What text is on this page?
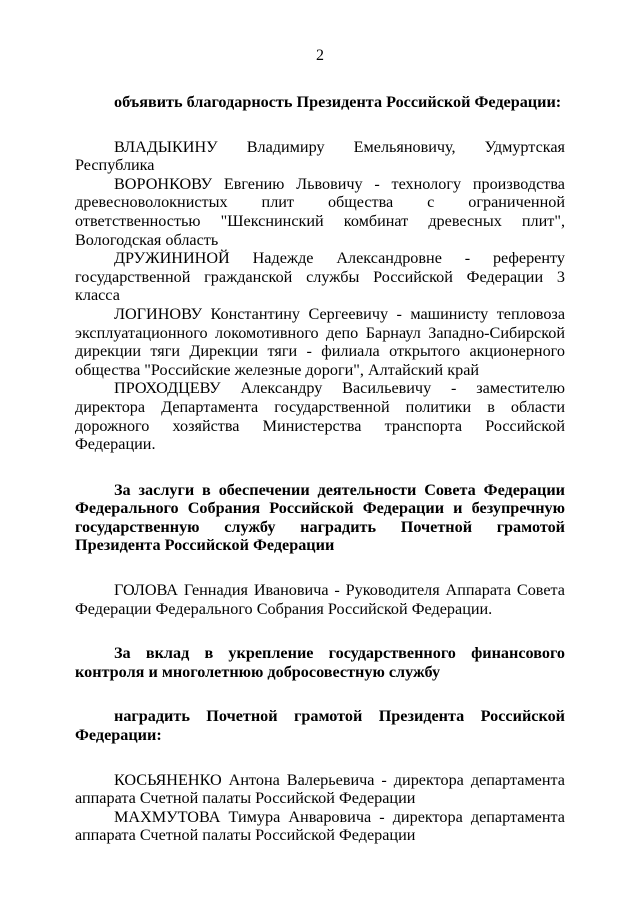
2

объявить благодарность Президента Российской Федерации:

ВЛАДЫКИНУ Владимиру Емельяновичу, Удмуртская Республика

ВОРОНКОВУ Евгению Львовичу - технологу производства древесноволокнистых плит общества с ограниченной ответственностью "Шекснинский комбинат древесных плит", Вологодская область

ДРУЖИНИНОЙ Надежде Александровне - референту государственной гражданской службы Российской Федерации 3 класса

ЛОГИНОВУ Константину Сергеевичу - машинисту тепловоза эксплуатационного локомотивного депо Барнаул Западно-Сибирской дирекции тяги Дирекции тяги - филиала открытого акционерного общества "Российские железные дороги", Алтайский край

ПРОХОДЦЕВУ Александру Васильевичу - заместителю директора Департамента государственной политики в области дорожного хозяйства Министерства транспорта Российской Федерации.

За заслуги в обеспечении деятельности Совета Федерации Федерального Собрания Российской Федерации и безупречную государственную службу наградить Почетной грамотой Президента Российской Федерации

ГОЛОВА Геннадия Ивановича - Руководителя Аппарата Совета Федерации Федерального Собрания Российской Федерации.

За вклад в укрепление государственного финансового контроля и многолетнюю добросовестную службу

наградить Почетной грамотой Президента Российской Федерации:

КОСЬЯНЕНКО Антона Валерьевича - директора департамента аппарата Счетной палаты Российской Федерации

МАХМУТОВА Тимура Анваровича - директора департамента аппарата Счетной палаты Российской Федерации
